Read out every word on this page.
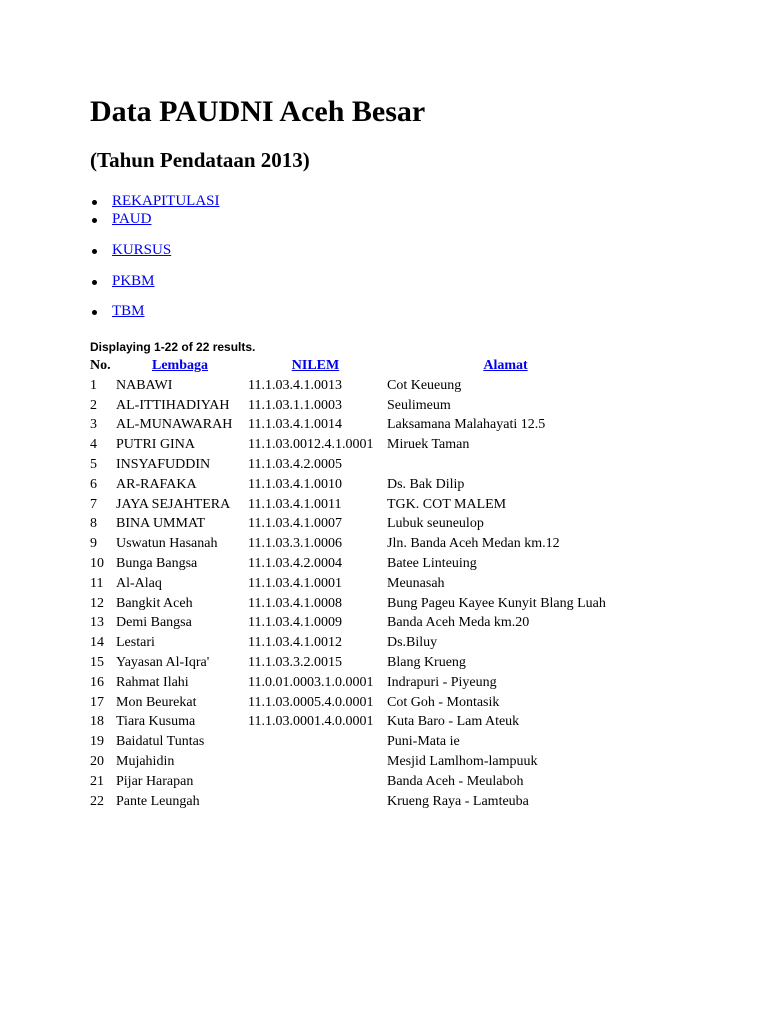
Data PAUDNI Aceh Besar
(Tahun Pendataan 2013)
REKAPITULASI
PAUD
KURSUS
PKBM
TBM
Displaying 1-22 of 22 results.
No.	Lembaga	NILEM	Alamat
1	NABAWI	11.1.03.4.1.0013	Cot Keueung
2	AL-ITTIHADIYAH	11.1.03.1.1.0003	Seulimeum
3	AL-MUNAWARAH	11.1.03.4.1.0014	Laksamana Malahayati 12.5
4	PUTRI GINA	11.1.03.0012.4.1.0001	Miruek Taman
5	INSYAFUDDIN	11.1.03.4.2.0005	
6	AR-RAFAKA	11.1.03.4.1.0010	Ds. Bak Dilip
7	JAYA SEJAHTERA	11.1.03.4.1.0011	TGK. COT MALEM
8	BINA UMMAT	11.1.03.4.1.0007	Lubuk seuneulop
9	Uswatun Hasanah	11.1.03.3.1.0006	Jln. Banda Aceh Medan km.12
10	Bunga Bangsa	11.1.03.4.2.0004	Batee Linteuing
11	Al-Alaq	11.1.03.4.1.0001	Meunasah
12	Bangkit Aceh	11.1.03.4.1.0008	Bung Pageu Kayee Kunyit Blang Luah
13	Demi Bangsa	11.1.03.4.1.0009	Banda Aceh Meda km.20
14	Lestari	11.1.03.4.1.0012	Ds.Biluy
15	Yayasan Al-Iqra'	11.1.03.3.2.0015	Blang Krueng
16	Rahmat Ilahi	11.0.01.0003.1.0.0001	Indrapuri - Piyeung
17	Mon Beurekat	11.1.03.0005.4.0.0001	Cot Goh - Montasik
18	Tiara Kusuma	11.1.03.0001.4.0.0001	Kuta Baro - Lam Ateuk
19	Baidatul Tuntas		Puni-Mata ie
20	Mujahidin		Mesjid Lamlhom-lampuuk
21	Pijar Harapan		Banda Aceh - Meulaboh
22	Pante Leungah		Krueng Raya - Lamteuba
